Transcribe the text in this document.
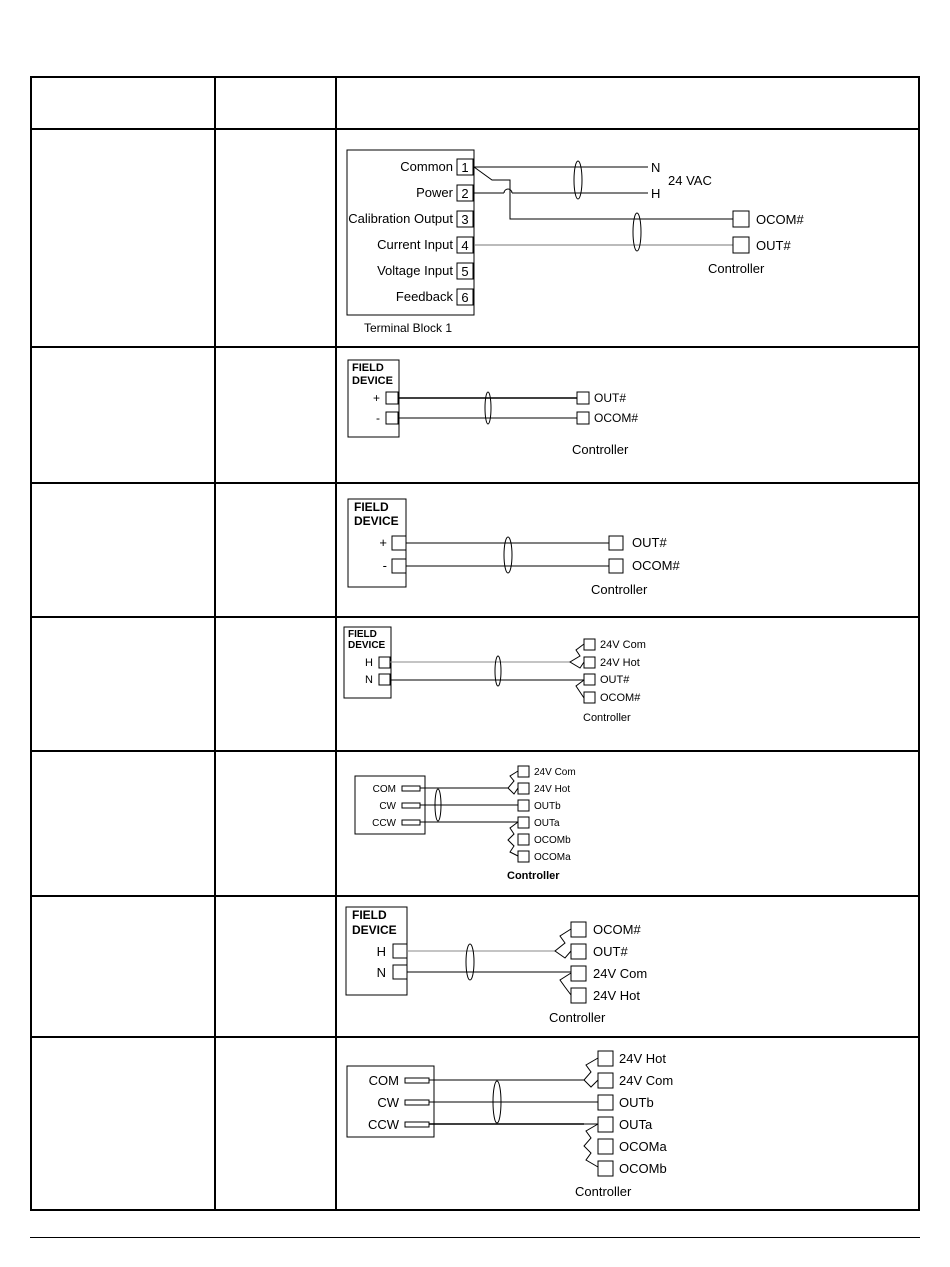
Common 1
Power 2
Calibration Output 3
Current Input 4
Voltage Input 5
Feedback 6
Terminal Block 1
N
H
24 VAC
OCOM#
OUT#
Controller
FIELD
DEVICE
+
-
OUT#
OCOM#
Controller
FIELD
DEVICE
+
-
OUT#
OCOM#
Controller
FIELD
DEVICE
H
N
24V Com
24V Hot
OUT#
OCOM#
Controller
COM
CW
CCW
24V Com
24V Hot
OUTb
OUTa
OCOMb
OCOMa
Controller
FIELD
DEVICE
H
N
OCOM#
OUT#
24V Com
24V Hot
Controller
COM
CW
CCW
24V Hot
24V Com
OUTb
OUTa
OCOMa
OCOMb
Controller
